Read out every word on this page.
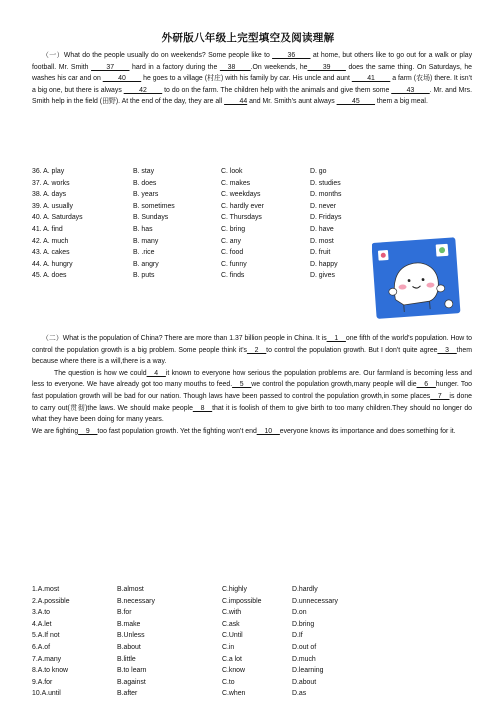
外研版八年级上完型填空及阅读理解

（一）What do the people usually do on weekends? Some people like to ____36____ at home, but others like to go out for a walk or play football. Mr. Smith ____37____ hard in a factory during the __38____.On weekends, he____39____ does the same thing. On Saturdays, he washes his car and on ____40____ he goes to a village (村庄) with his family by car. His uncle and aunt ____41____ a farm (农场) there. It isn’t a big one, but there is always ____42____ to do on the farm. The children help with the animals and give them some ____43____. Mr. and Mrs. Smith help in the field (田野). At the end of the day, they are all ____44 and Mr. Smith’s aunt always ____45____ them a big meal.

36. A. play	B. stay	C. look	D. go
37. A. works	B. does	C. makes	D. studies
38. A. days	B. years	C. weekdays	D. months
39. A. usually	B. sometimes	C. hardly ever	D. never
40. A. Saturdays	B. Sundays	C. Thursdays	D. Fridays
41. A. find	B. has	C. bring	D. have
42. A. much	B. many	C. any	D. most
43. A. cakes	B. .rice	C. food	D. fruit
44. A. hungry	B. angry	C. funny	D. happy
45. A. does	B. puts	C. finds	D. gives

（二）What is the population of China? There are more than 1.37 billion people in China. It is__1__one fifth of the world’s population. How to control the population growth is a big problem. Some people think it’s__2__to control the population growth. But I don’t quite agree__3__them because where there is a will,there is a way.

The question is how we could__4__it known to everyone how serious the population problems are. Our farmland is becoming less and less to everyone. We have already got too many mouths to feed.__5__we control the population growth,many people will die__6__hunger. Too fast population growth will be bad for our nation. Though laws have been passed to control the population growth,in some places__7__is done to carry out(贯彻)the laws. We should make people__8__that it is foolish of them to give birth to too many children.They should no longer do what they have been doing for many years.

We are fighting__9__too fast population growth. Yet the fighting won’t end__10__everyone knows its importance and does something for it.

1.A.most	B.almost	C.highly	D.hardly
2.A.possible	B.necessary	C.impossible	D.unnecessary
3.A.to	B.for	C.with	D.on
4.A.let	B.make	C.ask	D.bring
5.A.If not	B.Unless	C.Until	D.If
6.A.of	B.about	C.in	D.out of
7.A.many	B.little	C.a lot	D.much
8.A.to know	B.to learn	C.know	D.learning
9.A.for	B.against	C.to	D.about
10.A.until	B.after	C.when	D.as
